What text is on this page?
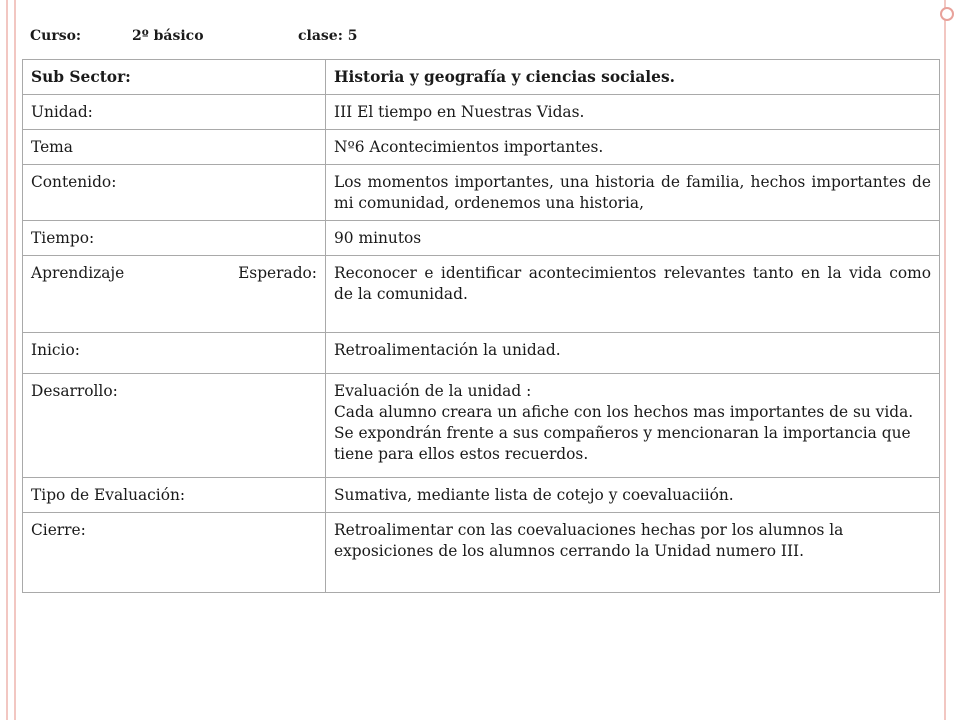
Curso:	2º básico	clase: 5
Sub Sector:	Historia y geografía y ciencias sociales.
Unidad:	III El tiempo en Nuestras Vidas.
Tema	Nº6 Acontecimientos importantes.
Contenido:	Los momentos importantes, una historia de familia, hechos importantes de mi comunidad, ordenemos una historia,
Tiempo:	90 minutos
Aprendizaje Esperado:	Reconocer e identificar acontecimientos relevantes tanto en la vida como de la comunidad.
Inicio:	Retroalimentación la unidad.
Desarrollo:	Evaluación de la unidad :
Cada alumno creara un afiche con los hechos mas importantes de su vida.
Se expondrán frente a sus compañeros y mencionaran la importancia que tiene para ellos estos recuerdos.

Tipo de Evaluación:	Sumativa, mediante lista de cotejo y coevaluaciión.
Cierre:	Retroalimentar con las coevaluaciones hechas por los alumnos la exposiciones de los alumnos cerrando la Unidad numero III.
